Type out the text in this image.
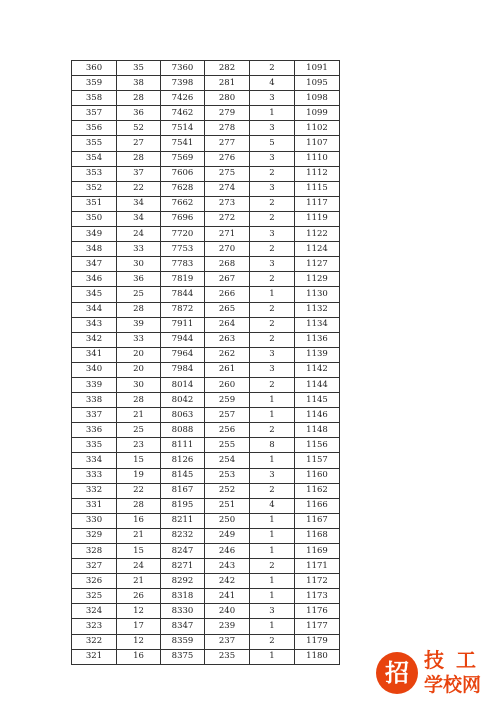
360	35	7360	282	2	1091
359	38	7398	281	4	1095
358	28	7426	280	3	1098
357	36	7462	279	1	1099
356	52	7514	278	3	1102
355	27	7541	277	5	1107
354	28	7569	276	3	1110
353	37	7606	275	2	1112
352	22	7628	274	3	1115
351	34	7662	273	2	1117
350	34	7696	272	2	1119
349	24	7720	271	3	1122
348	33	7753	270	2	1124
347	30	7783	268	3	1127
346	36	7819	267	2	1129
345	25	7844	266	1	1130
344	28	7872	265	2	1132
343	39	7911	264	2	1134
342	33	7944	263	2	1136
341	20	7964	262	3	1139
340	20	7984	261	3	1142
339	30	8014	260	2	1144
338	28	8042	259	1	1145
337	21	8063	257	1	1146
336	25	8088	256	2	1148
335	23	8111	255	8	1156
334	15	8126	254	1	1157
333	19	8145	253	3	1160
332	22	8167	252	2	1162
331	28	8195	251	4	1166
330	16	8211	250	1	1167
329	21	8232	249	1	1168
328	15	8247	246	1	1169
327	24	8271	243	2	1171
326	21	8292	242	1	1172
325	26	8318	241	1	1173
324	12	8330	240	3	1176
323	17	8347	239	1	1177
322	12	8359	237	2	1179
321	16	8375	235	1	1180
招 技工
学校网
